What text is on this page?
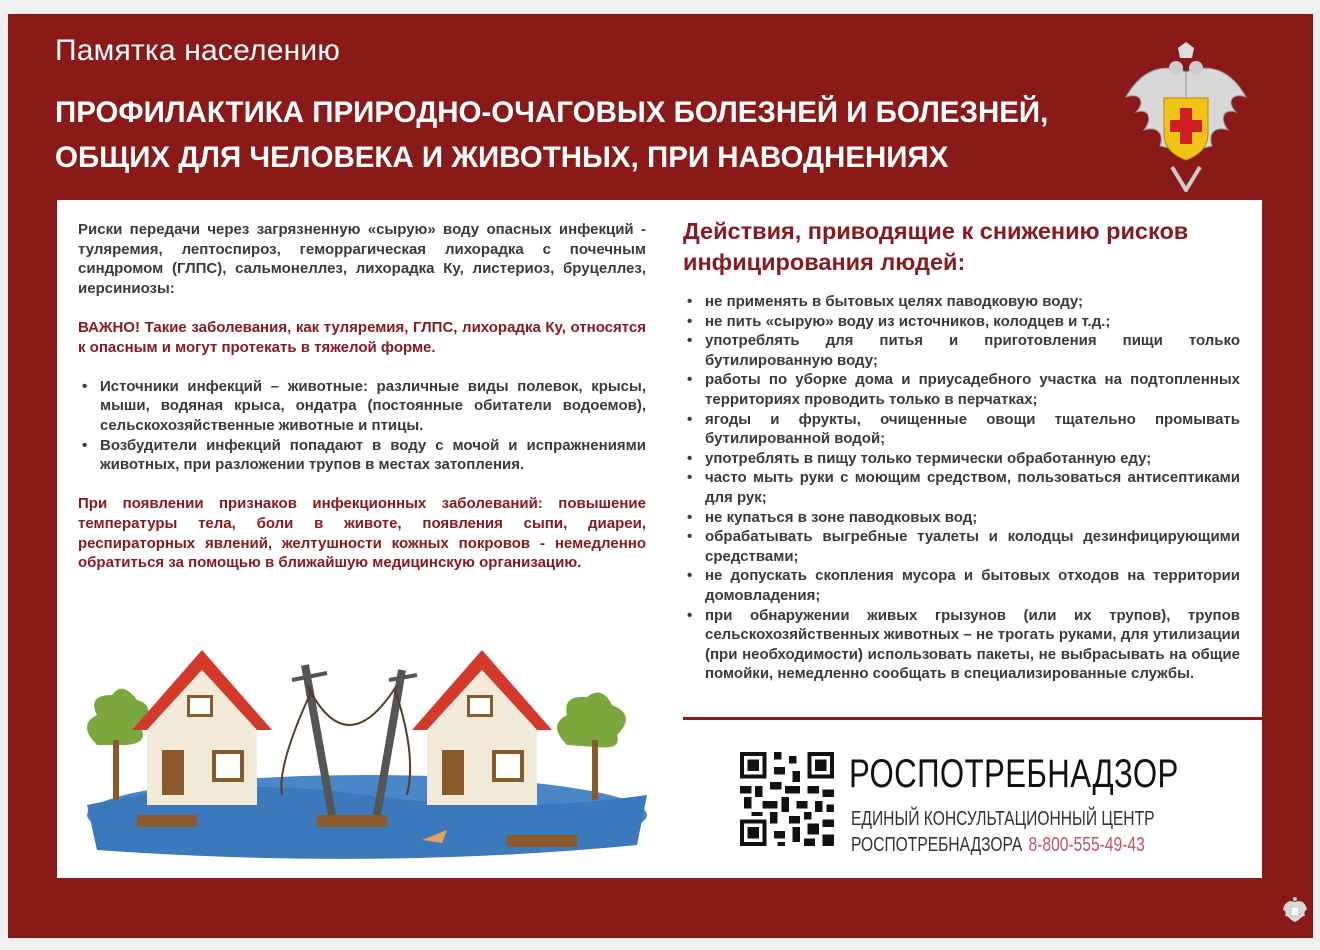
Памятка населению
ПРОФИЛАКТИКА ПРИРОДНО-ОЧАГОВЫХ БОЛЕЗНЕЙ И БОЛЕЗНЕЙ,
ОБЩИХ ДЛЯ ЧЕЛОВЕКА И ЖИВОТНЫХ, ПРИ НАВОДНЕНИЯХ

Риски передачи через загрязненную «сырую» воду опасных инфекций - туляремия, лептоспироз, геморрагическая лихорадка с почечным синдромом (ГЛПС), сальмонеллез, лихорадка Ку, листериоз, бруцеллез, иерсиниозы:

ВАЖНО! Такие заболевания, как туляремия, ГЛПС, лихорадка Ку, относятся к опасным и могут протекать в тяжелой форме.

• Источники инфекций – животные: различные виды полевок, крысы, мыши, водяная крыса, ондатра (постоянные обитатели водоемов), сельскохозяйственные животные и птицы.
• Возбудители инфекций попадают в воду с мочой и испражнениями животных, при разложении трупов в местах затопления.

При появлении признаков инфекционных заболеваний: повышение температуры тела, боли в животе, появления сыпи, диареи, респираторных явлений, желтушности кожных покровов - немедленно обратиться за помощью в ближайшую медицинскую организацию.

Действия, приводящие к снижению рисков инфицирования людей:
• не применять в бытовых целях паводковую воду;
• не пить «сырую» воду из источников, колодцев и т.д.;
• употреблять для питья и приготовления пищи только бутилированную воду;
• работы по уборке дома и приусадебного участка на подтопленных территориях проводить только в перчатках;
• ягоды и фрукты, очищенные овощи тщательно промывать бутилированной водой;
• употреблять в пищу только термически обработанную еду;
• часто мыть руки с моющим средством, пользоваться антисептиками для рук;
• не купаться в зоне паводковых вод;
• обрабатывать выгребные туалеты и колодцы дезинфицирующими средствами;
• не допускать скопления мусора и бытовых отходов на территории домовладения;
• при обнаружении живых грызунов (или их трупов), трупов сельскохозяйственных животных – не трогать руками, для утилизации (при необходимости) использовать пакеты, не выбрасывать на общие помойки, немедленно сообщать в специализированные службы.
РОСПОТРЕБНАДЗОР
ЕДИНЫЙ КОНСУЛЬТАЦИОННЫЙ ЦЕНТР
РОСПОТРЕБНАДЗОРА 8-800-555-49-43
